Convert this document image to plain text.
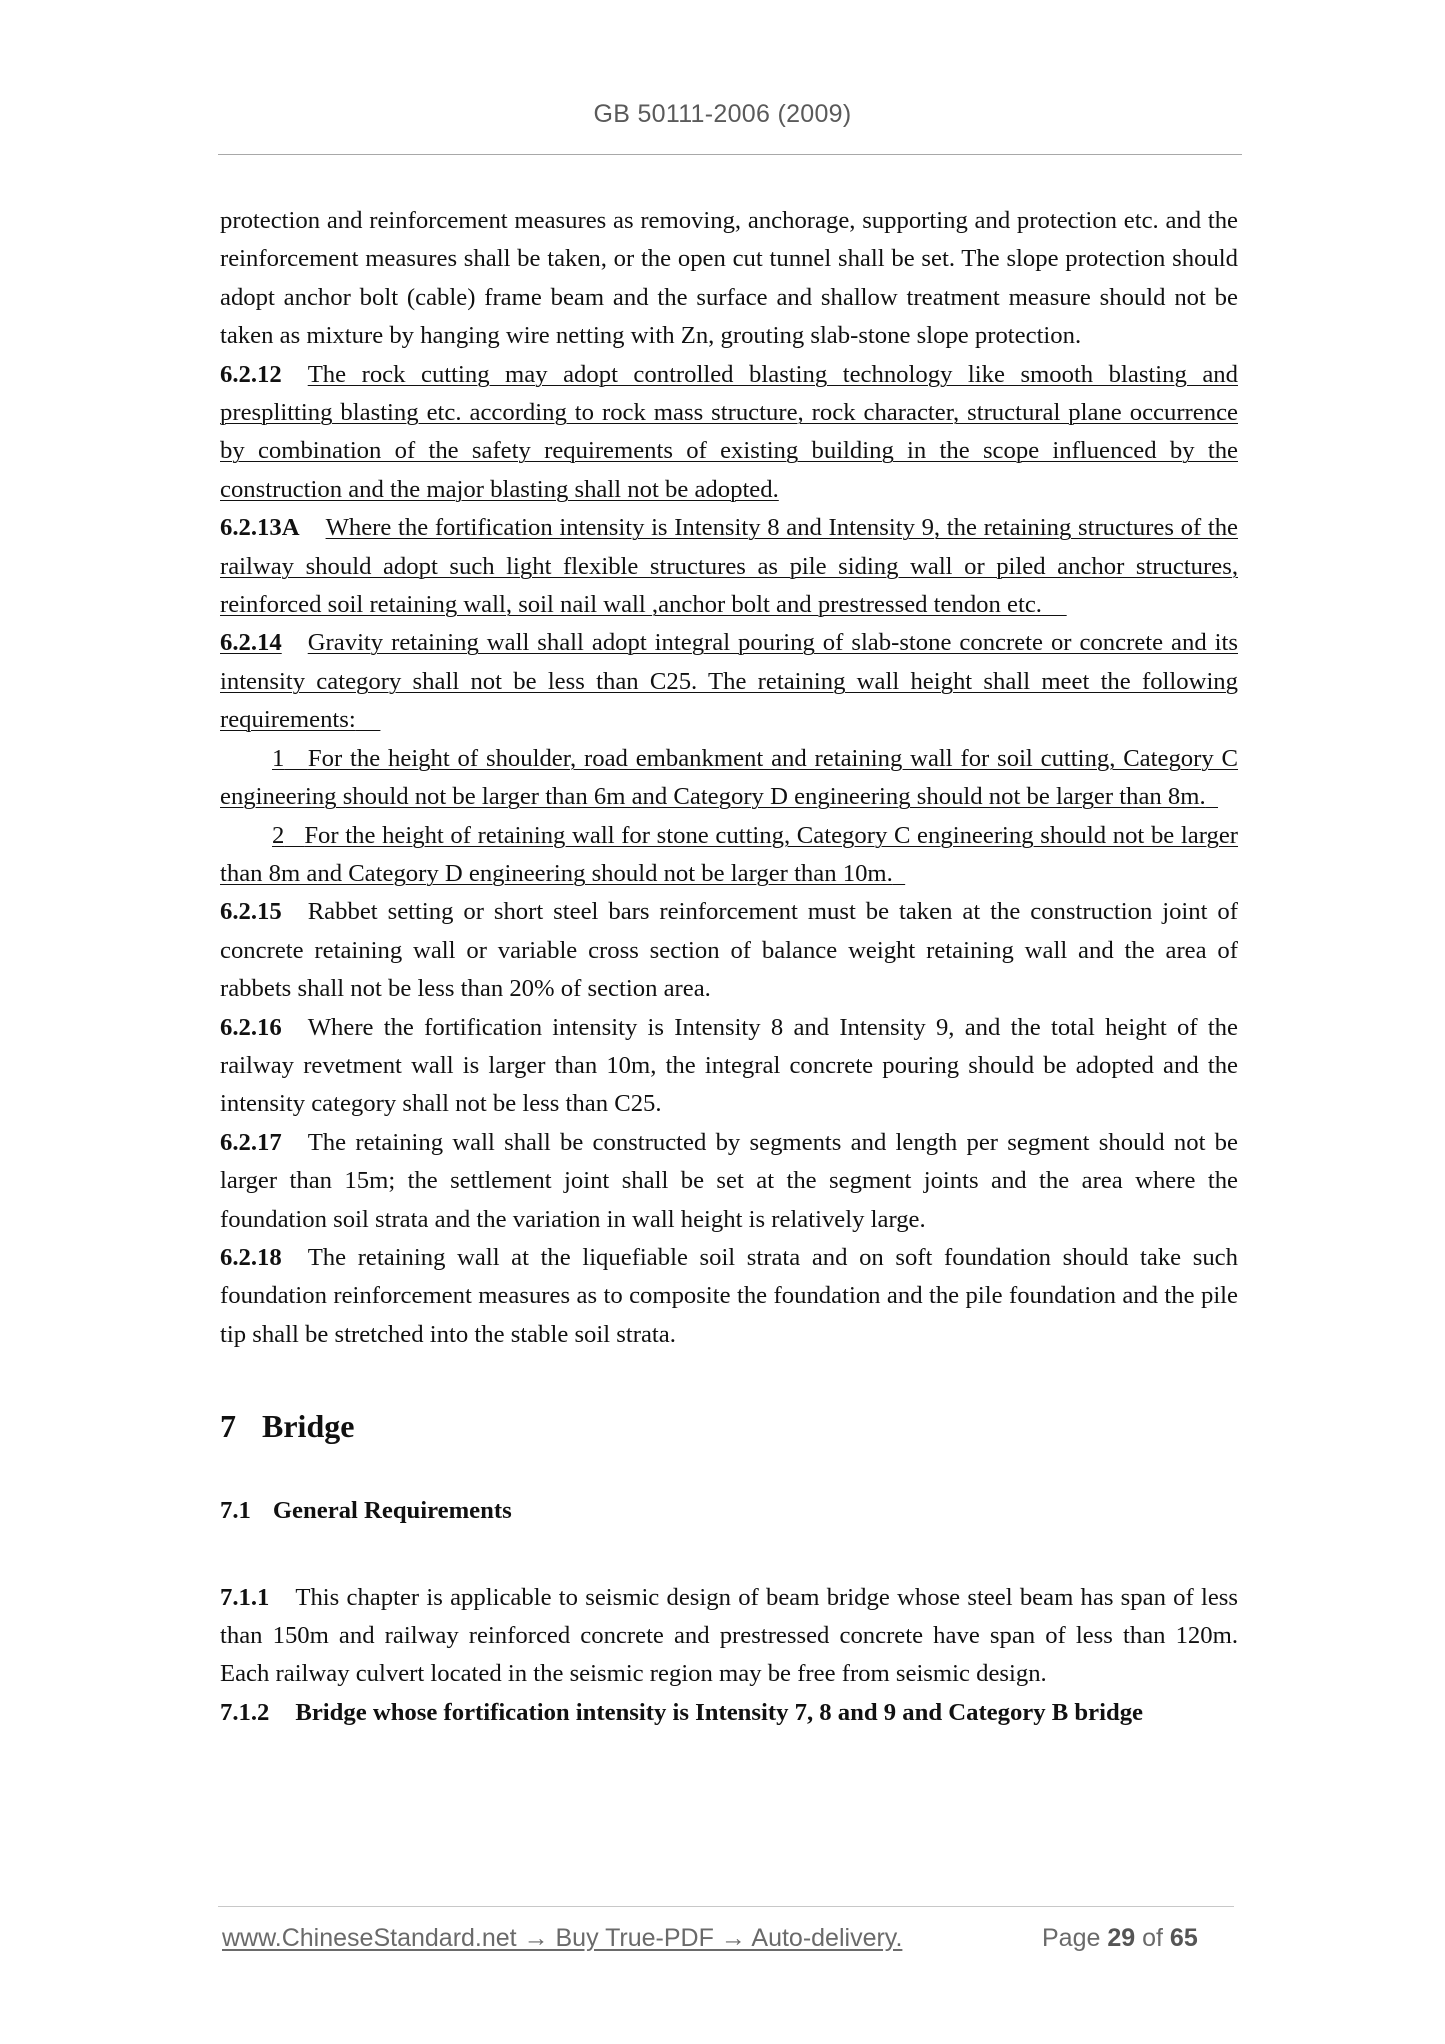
GB 50111-2006 (2009)

protection and reinforcement measures as removing, anchorage, supporting and protection etc. and the reinforcement measures shall be taken, or the open cut tunnel shall be set. The slope protection should adopt anchor bolt (cable) frame beam and the surface and shallow treatment measure should not be taken as mixture by hanging wire netting with Zn, grouting slab-stone slope protection.

6.2.12 The rock cutting may adopt controlled blasting technology like smooth blasting and presplitting blasting etc. according to rock mass structure, rock character, structural plane occurrence by combination of the safety requirements of existing building in the scope influenced by the construction and the major blasting shall not be adopted.

6.2.13A Where the fortification intensity is Intensity 8 and Intensity 9, the retaining structures of the railway should adopt such light flexible structures as pile siding wall or piled anchor structures, reinforced soil retaining wall, soil nail wall ,anchor bolt and prestressed tendon etc.

6.2.14 Gravity retaining wall shall adopt integral pouring of slab-stone concrete or concrete and its intensity category shall not be less than C25. The retaining wall height shall meet the following requirements:

1 For the height of shoulder, road embankment and retaining wall for soil cutting, Category C engineering should not be larger than 6m and Category D engineering should not be larger than 8m.

2 For the height of retaining wall for stone cutting, Category C engineering should not be larger than 8m and Category D engineering should not be larger than 10m.

6.2.15 Rabbet setting or short steel bars reinforcement must be taken at the construction joint of concrete retaining wall or variable cross section of balance weight retaining wall and the area of rabbets shall not be less than 20% of section area.

6.2.16 Where the fortification intensity is Intensity 8 and Intensity 9, and the total height of the railway revetment wall is larger than 10m, the integral concrete pouring should be adopted and the intensity category shall not be less than C25.

6.2.17 The retaining wall shall be constructed by segments and length per segment should not be larger than 15m; the settlement joint shall be set at the segment joints and the area where the foundation soil strata and the variation in wall height is relatively large.

6.2.18 The retaining wall at the liquefiable soil strata and on soft foundation should take such foundation reinforcement measures as to composite the foundation and the pile foundation and the pile tip shall be stretched into the stable soil strata.

7 Bridge

7.1 General Requirements

7.1.1 This chapter is applicable to seismic design of beam bridge whose steel beam has span of less than 150m and railway reinforced concrete and prestressed concrete have span of less than 120m. Each railway culvert located in the seismic region may be free from seismic design.

7.1.2 Bridge whose fortification intensity is Intensity 7, 8 and 9 and Category B bridge

www.ChineseStandard.net → Buy True-PDF → Auto-delivery.	Page 29 of 65
